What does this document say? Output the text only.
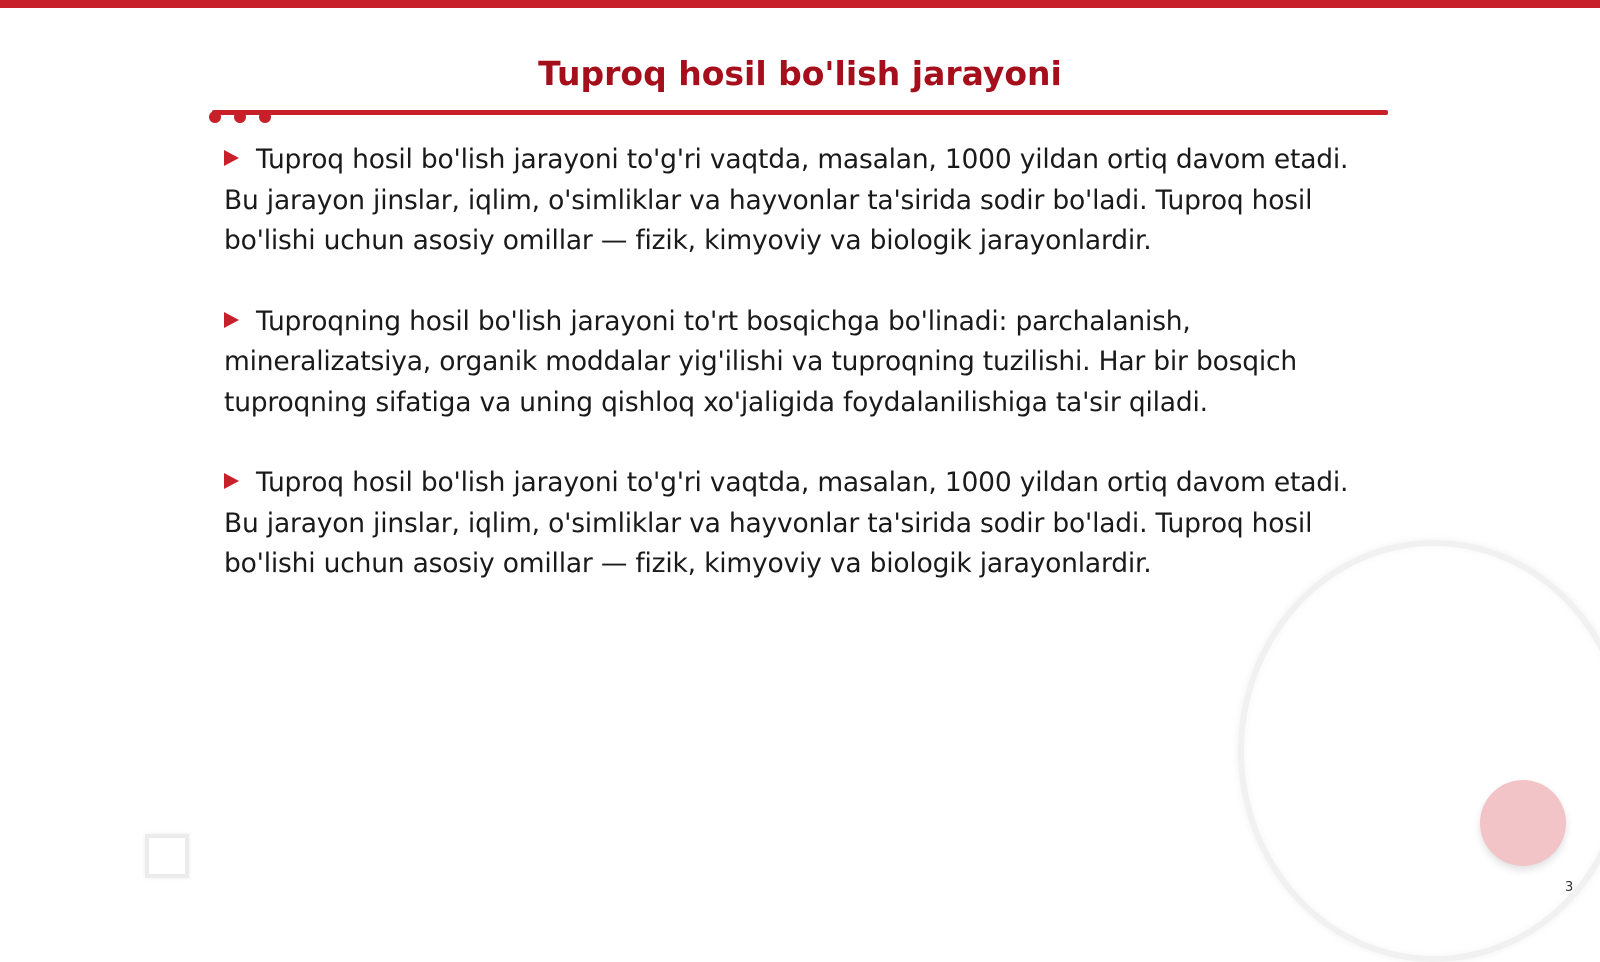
Tuproq hosil bo'lish jarayoni

Tuproq hosil bo'lish jarayoni to'g'ri vaqtda, masalan, 1000 yildan ortiq davom etadi. Bu jarayon jinslar, iqlim, o'simliklar va hayvonlar ta'sirida sodir bo'ladi. Tuproq hosil bo'lishi uchun asosiy omillar — fizik, kimyoviy va biologik jarayonlardir.

Tuproqning hosil bo'lish jarayoni to'rt bosqichga bo'linadi: parchalanish, mineralizatsiya, organik moddalar yig'ilishi va tuproqning tuzilishi. Har bir bosqich tuproqning sifatiga va uning qishloq xo'jaligida foydalanilishiga ta'sir qiladi.

Tuproq hosil bo'lish jarayoni to'g'ri vaqtda, masalan, 1000 yildan ortiq davom etadi. Bu jarayon jinslar, iqlim, o'simliklar va hayvonlar ta'sirida sodir bo'ladi. Tuproq hosil bo'lishi uchun asosiy omillar — fizik, kimyoviy va biologik jarayonlardir.

3
